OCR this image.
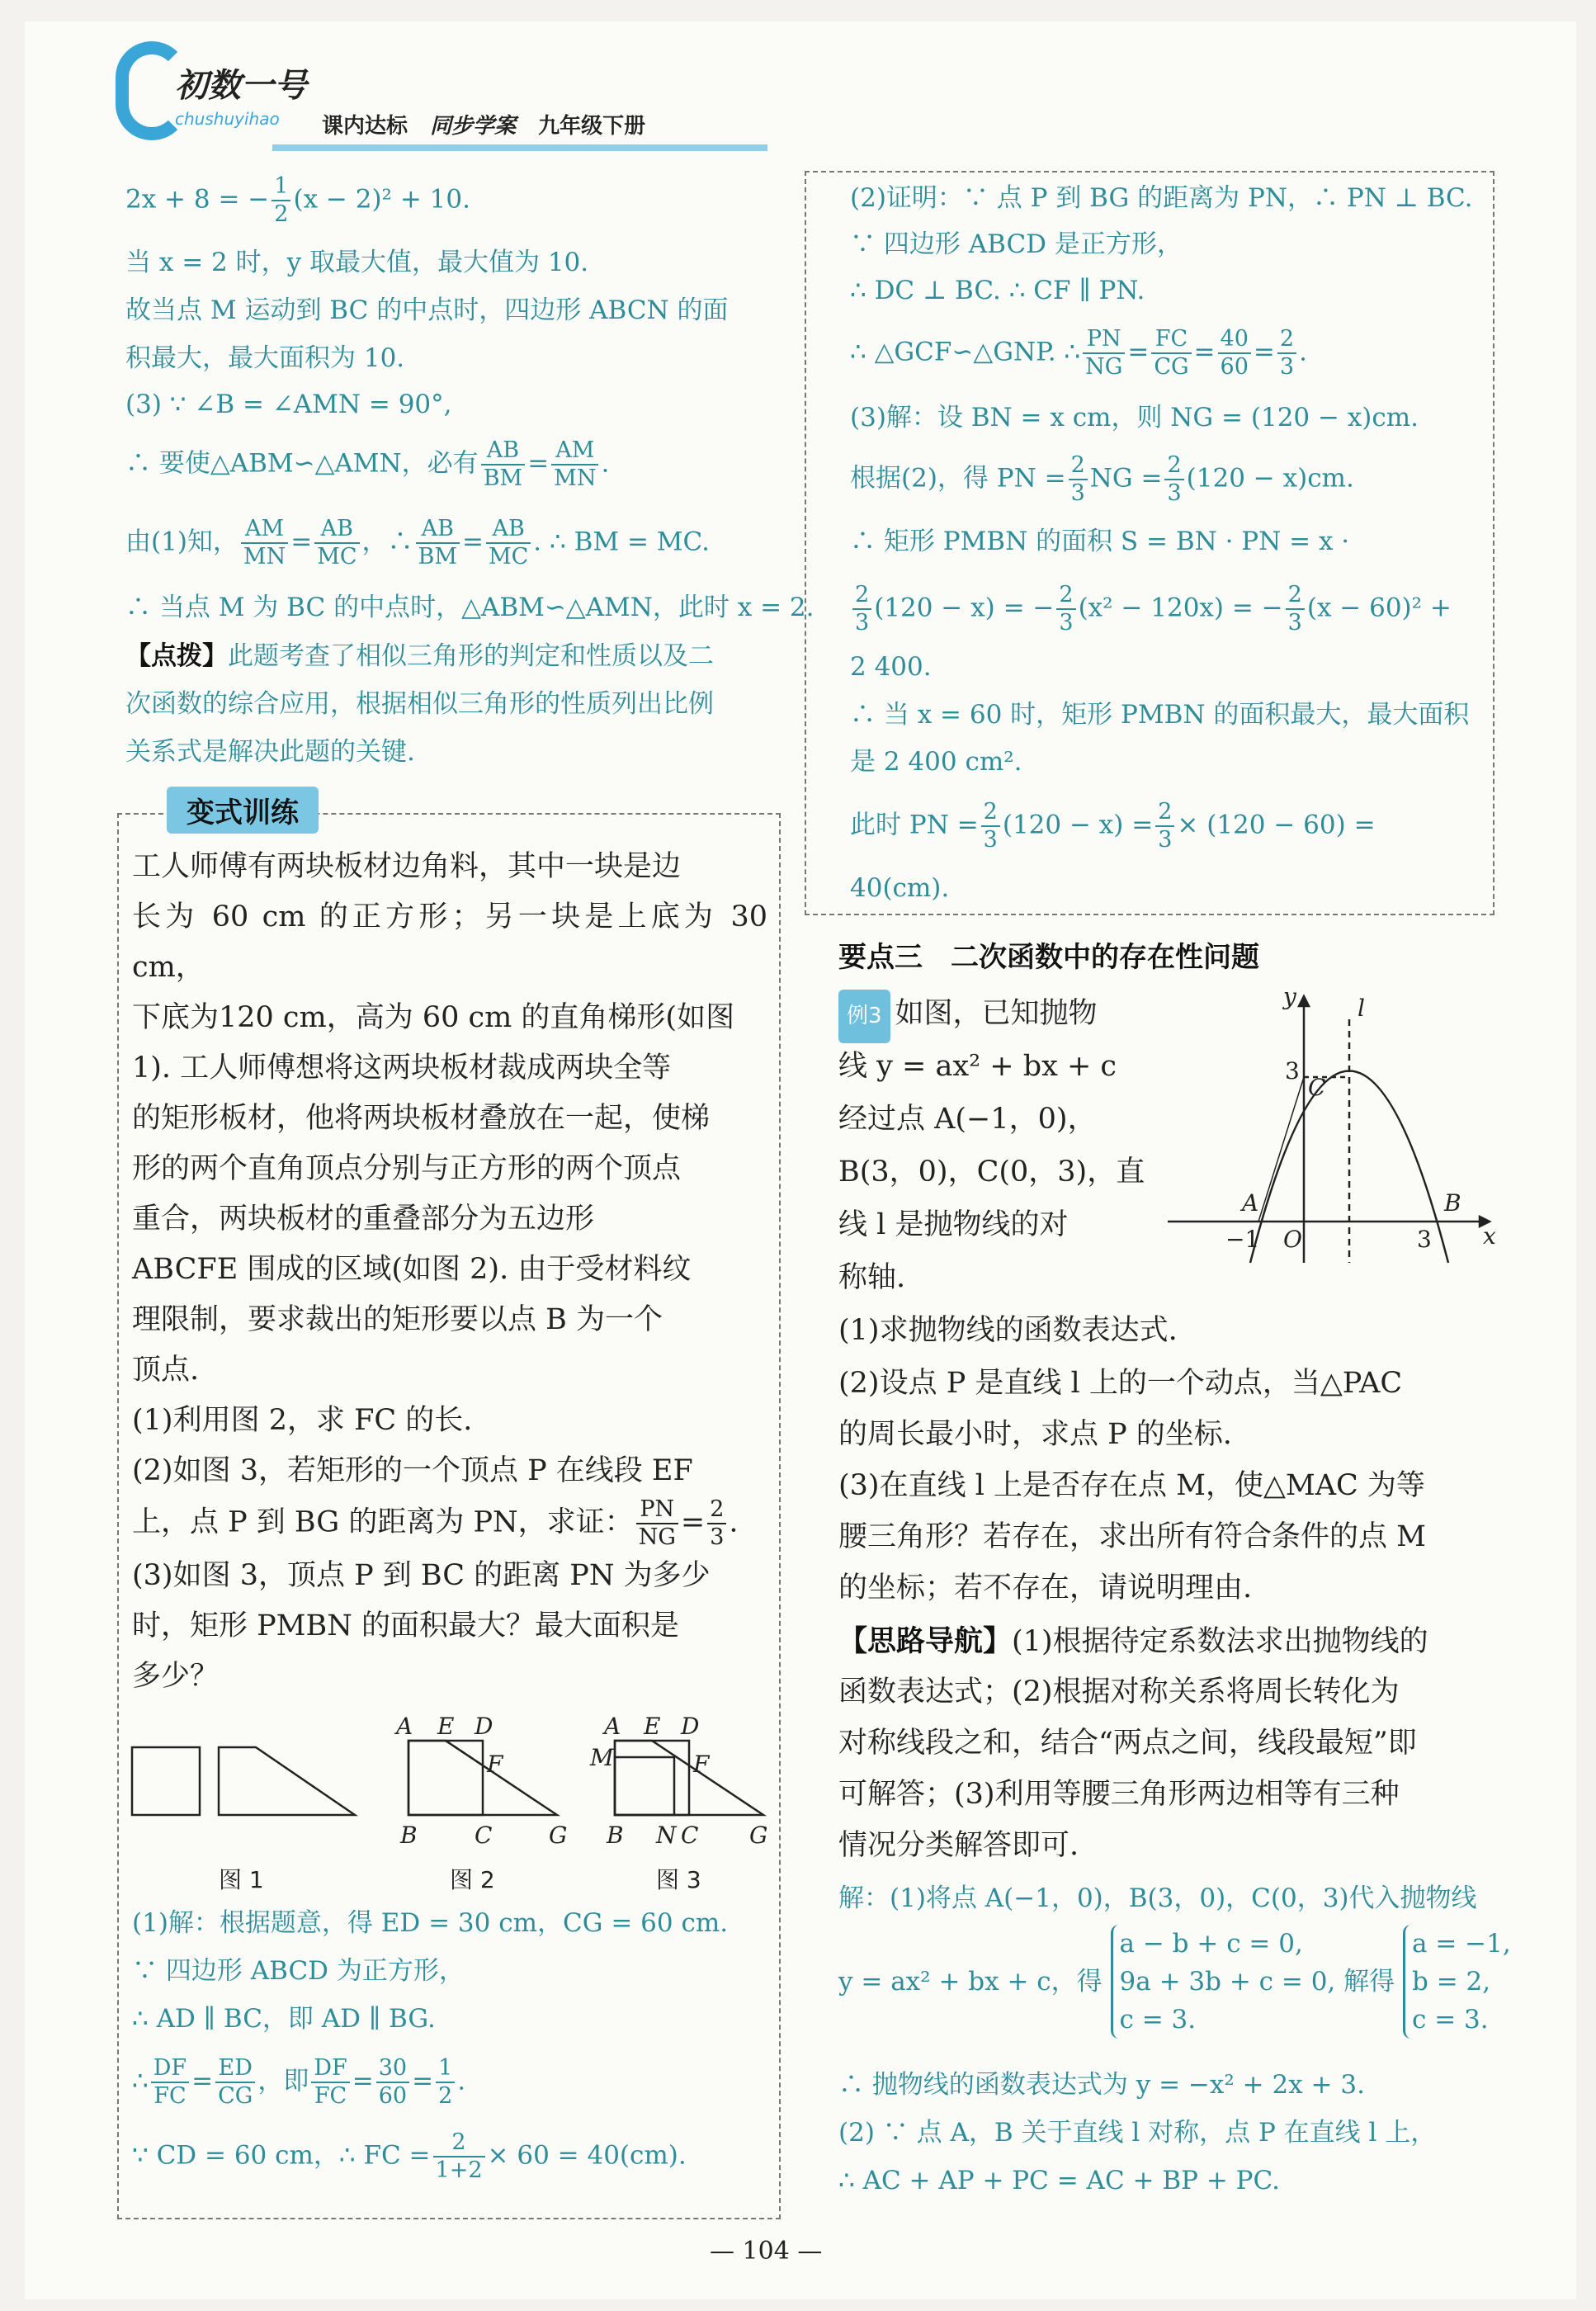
初数一号
chushuyihao 课内达标 同步学案 九年级下册
2x + 8 = − $\frac{1}{2} (x - 2)^2 + 10$.
当 x = 2 时，y 取最大值，最大值为 10.
故当点 M 运动到 BC 的中点时，四边形 ABCN 的面
积最大，最大面积为 10.
(3) ∵ ∠B = ∠AMN = 90°,
∴ 要使△ABM∽△AMN，必有 $\frac{AB}{BM} = \frac{AM}{MN}$ .
由(1)知， $\frac{AM}{MN} = \frac{AB}{MC}$ ，∴ $\frac{AB}{BM} = \frac{AB}{MC}$ . ∴ BM = MC.
∴ 当点 M 为 BC 的中点时，△ABM∽△AMN，此时 x = 2.
【点拨】此题考查了相似三角形的判定和性质以及二
次函数的综合应用，根据相似三角形的性质列出比例
关系式是解决此题的关键.
变式训练
工人师傅有两块板材边角料，其中一块是边
长为 60 cm 的正方形；另一块是上底为 30 cm，
下底为120 cm，高为 60 cm 的直角梯形(如图
1). 工人师傅想将这两块板材裁成两块全等
的矩形板材，他将两块板材叠放在一起，使梯
形的两个直角顶点分别与正方形的两个顶点
重合，两块板材的重叠部分为五边形
ABCFE 围成的区域(如图 2). 由于受材料纹
理限制，要求裁出的矩形要以点 B 为一个
顶点.
(1)利用图 2，求 FC 的长.
(2)如图 3，若矩形的一个顶点 P 在线段 EF
上，点 P 到 BG 的距离为 PN，求证： $\frac{PN}{NG} = \frac{2}{3}$ .
(3)如图 3，顶点 P 到 BC 的距离 PN 为多少
时，矩形 PMBN 的面积最大？最大面积是
多少？
A E D
F
B C G
A E D
F
M
B N C G
图 1	图 2	图 3
(1)解：根据题意，得 ED = 30 cm，CG = 60 cm.
∵ 四边形 ABCD 为正方形，
∴ AD ∥ BC，即 AD ∥ BG.
∴ $\frac{DF}{FC} = \frac{ED}{CG}$ ，即 $\frac{DF}{FC} = \frac{30}{60} = \frac{1}{2}$ .
∵ CD = 60 cm，∴ FC = $\frac{2}{1+2} \times 60 = 40(cm)$.
(2)证明：∵ 点 P 到 BG 的距离为 PN，∴ PN ⊥ BC.
∵ 四边形 ABCD 是正方形，
∴ DC ⊥ BC. ∴ CF ∥ PN.
∴ △GCF∽△GNP. ∴ $\frac{PN}{NG} = \frac{FC}{CG} = \frac{40}{60} = \frac{2}{3}$ .
(3)解：设 BN = x cm，则 NG = (120 − x)cm.
根据(2)，得 PN = $\frac{2}{3}$ NG = $\frac{2}{3} (120 - x)cm$.
∴ 矩形 PMBN 的面积 S = BN · PN = x ·
$\frac{2}{3} (120 - x)$ = − $\frac{2}{3} (x^2 - 120x)$ = − $\frac{2}{3} (x - 60)^2$ +
2 400.
∴ 当 x = 60 时，矩形 PMBN 的面积最大，最大面积
是 2 400 cm².
此时 PN = $\frac{2}{3} (120 - x) = \frac{2}{3} \times (120 - 60)$ =
40(cm).
要点三　二次函数中的存在性问题
例3 如图，已知抛物
线 y = ax² + bx + c
经过点 A(−1，0)，
B(3，0)，C(0，3)，直
线 l 是抛物线的对
称轴.
y
x
l
C
A	B
O
3
−1	3
(1)求抛物线的函数表达式.
(2)设点 P 是直线 l 上的一个动点，当△PAC
的周长最小时，求点 P 的坐标.
(3)在直线 l 上是否存在点 M，使△MAC 为等
腰三角形？若存在，求出所有符合条件的点 M
的坐标；若不存在，请说明理由.
【思路导航】(1)根据待定系数法求出抛物线的
函数表达式；(2)根据对称关系将周长转化为
对称线段之和，结合“两点之间，线段最短”即
可解答；(3)利用等腰三角形两边相等有三种
情况分类解答即可.
解：(1)将点 A(−1，0)，B(3，0)，C(0，3)代入抛物线
y = ax² + bx + c，得
a − b + c = 0,
9a + 3b + c = 0,
c = 3.
解得
a = −1,
b = 2,
c = 3.
∴ 抛物线的函数表达式为 y = −x² + 2x + 3.
(2) ∵ 点 A，B 关于直线 l 对称，点 P 在直线 l 上，
∴ AC + AP + PC = AC + BP + PC.
— 104 —
